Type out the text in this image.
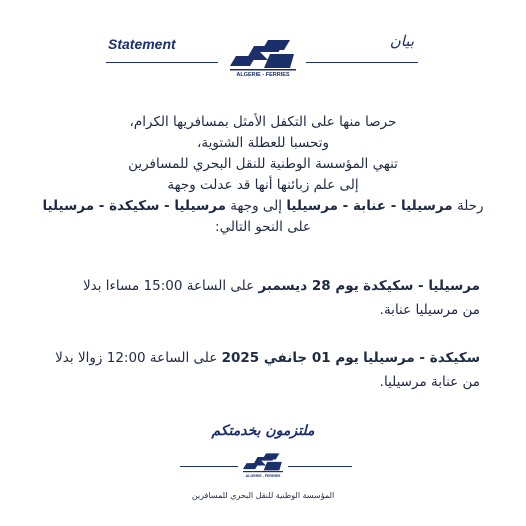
Statement	بيان
ALGERIE - FERRIES

حرصا منها على التكفل الأمثل بمسافريها الكرام،

وتحسبا للعطلة الشتوية،

تنهي المؤسسة الوطنية للنقل البحري للمسافرين

إلى علم زبائنها أنها قد عدلت وجهة

رحلة مرسيليا - عنابة - مرسيليا إلى وجهة مرسيليا - سكيكدة - مرسيليا

على النحو التالي:

مرسيليا - سكيكدة يوم 28 ديسمبر على الساعة 15:00 مساءا بدلا

من مرسيليا عنابة.

سكيكدة - مرسيليا يوم 01 جانفي 2025 على الساعة 12:00 زوالا بدلا

من عنابة مرسيليا.

ملتزمون بخدمتكم
ALGERIE - FERRIES
المؤسسة الوطنية للنقل البحري للمسافرين
